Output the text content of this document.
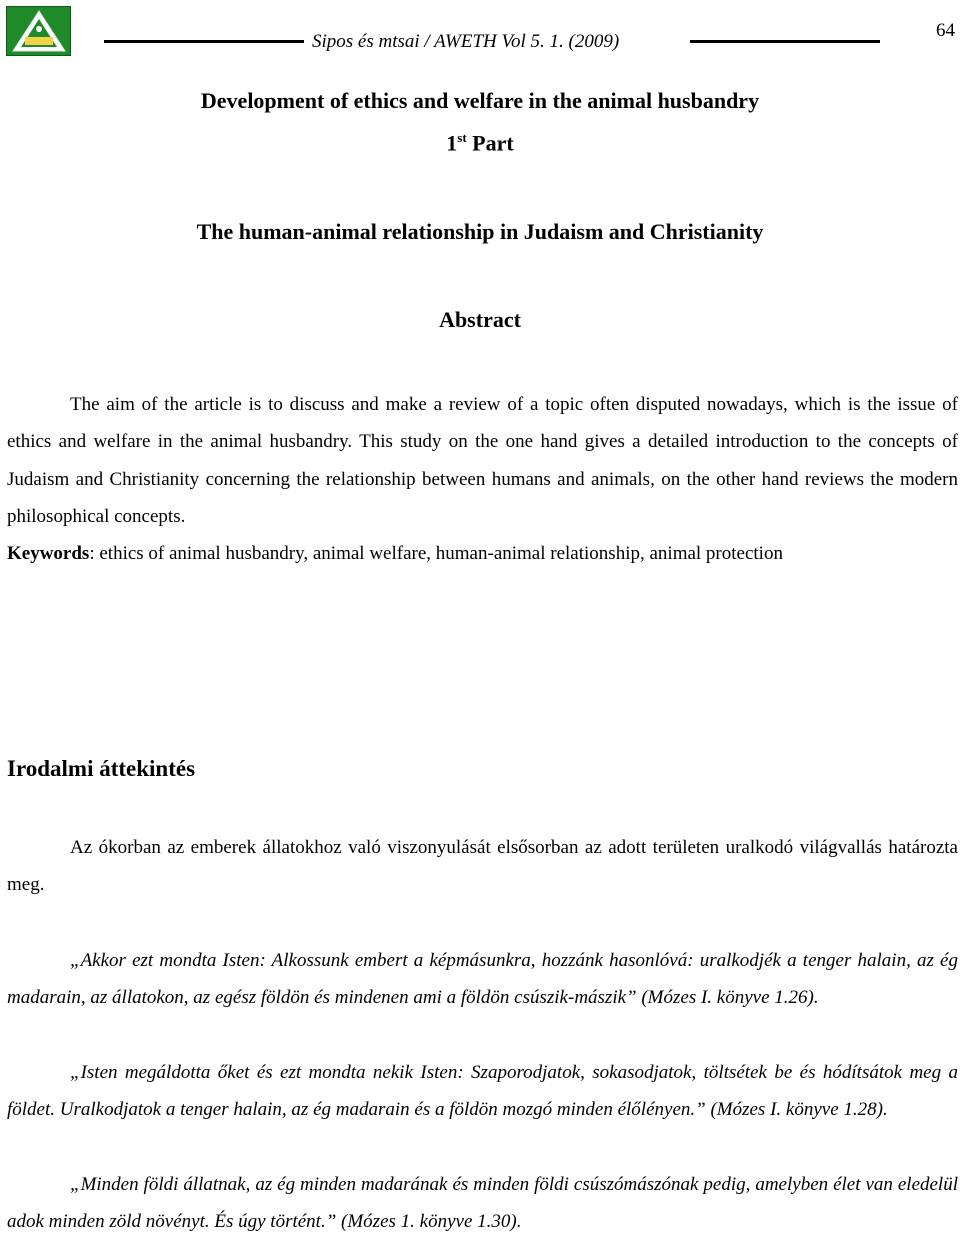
Sipos és mtsai / AWETH Vol 5. 1. (2009)
64
Development of ethics and welfare in the animal husbandry
1st Part
The human-animal relationship in Judaism and Christianity
Abstract
The aim of the article is to discuss and make a review of a topic often disputed nowadays, which is the issue of ethics and welfare in the animal husbandry. This study on the one hand gives a detailed introduction to the concepts of Judaism and Christianity concerning the relationship between humans and animals, on the other hand reviews the modern philosophical concepts.
Keywords: ethics of animal husbandry, animal welfare, human-animal relationship, animal protection
Irodalmi áttekintés
Az ókorban az emberek állatokhoz való viszonyulását elsősorban az adott területen uralkodó világvallás határozta meg.
„Akkor ezt mondta Isten: Alkossunk embert a képmásunkra, hozzánk hasonlóvá: uralkodjék a tenger halain, az ég madarain, az állatokon, az egész földön és mindenen ami a földön csúszik-mászik” (Mózes I. könyve 1.26).
„Isten megáldotta őket és ezt mondta nekik Isten: Szaporodjatok, sokasodjatok, töltsétek be és hódítsátok meg a földet. Uralkodjatok a tenger halain, az ég madarain és a földön mozgó minden élőlényen.” (Mózes I. könyve 1.28).
„Minden földi állatnak, az ég minden madarának és minden földi csúszómászónak pedig, amelyben élet van eledelül adok minden zöld növényt. És úgy történt.” (Mózes 1. könyve 1.30).
